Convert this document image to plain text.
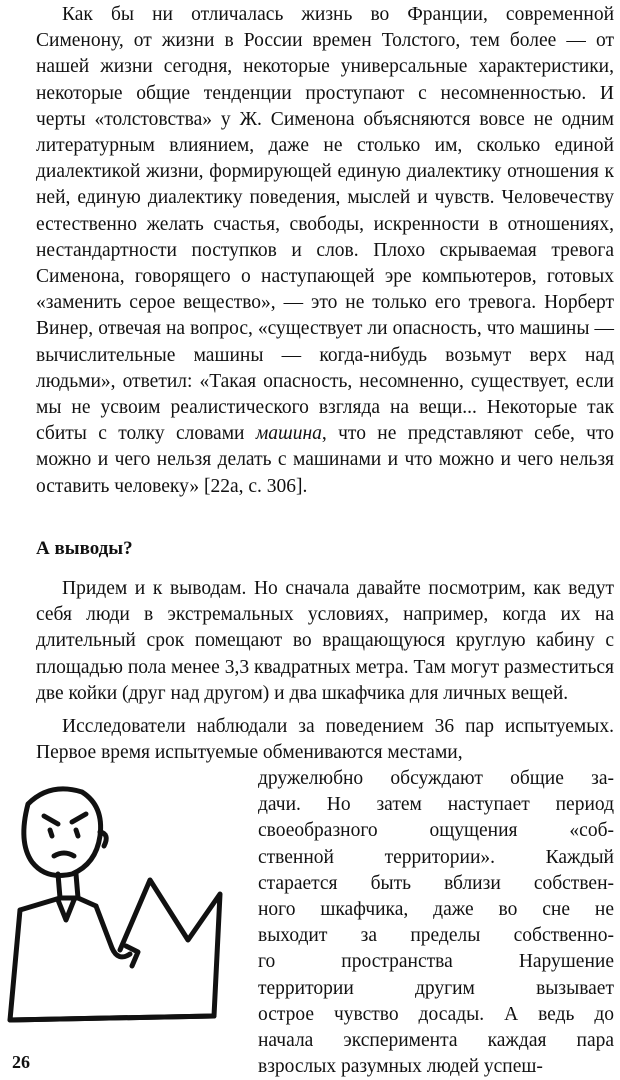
Как бы ни отличалась жизнь во Франции, современной Сименону, от жизни в России времен Толстого, тем более — от нашей жизни сегодня, некоторые универсальные характеристики, некоторые общие тенденции проступают с несомненностью. И черты «толстовства» у Ж. Сименона объясняются вовсе не одним литературным влиянием, даже не столько им, сколько единой диалектикой жизни, формирующей единую диалектику отношения к ней, единую диалектику поведения, мыслей и чувств. Человечеству естественно желать счастья, свободы, искренности в отношениях, нестандартности поступков и слов. Плохо скрываемая тревога Сименона, говорящего о наступающей эре компьютеров, готовых «заменить серое вещество», — это не только его тревога. Норберт Винер, отвечая на вопрос, «существует ли опасность, что машины — вычислительные машины — когда-нибудь возьмут верх над людьми», ответил: «Такая опасность, несомненно, существует, если мы не усвоим реалистического взгляда на вещи... Некоторые так сбиты с толку словами машина, что не представляют себе, что можно и чего нельзя делать с машинами и что можно и чего нельзя оставить человеку» [22а, с. 306].

А выводы?

Придем и к выводам. Но сначала давайте посмотрим, как ведут себя люди в экстремальных условиях, например, когда их на длительный срок помещают во вращающуюся круглую кабину с площадью пола менее 3,3 квадратных метра. Там могут разместиться две койки (друг над другом) и два шкафчика для личных вещей.

Исследователи наблюдали за поведением 36 пар испытуемых. Первое время испытуемые обмениваются местами,

дружелюбно обсуждают общие за-
дачи. Но затем наступает период
своеобразного ощущения «соб-
ственной территории». Каждый
старается быть вблизи собствен-
ного шкафчика, даже во сне не
выходит за пределы собственно-
го пространства Нарушение
территории другим вызывает
острое чувство досады. А ведь до
начала эксперимента каждая пара
взрослых разумных людей успеш-
26
